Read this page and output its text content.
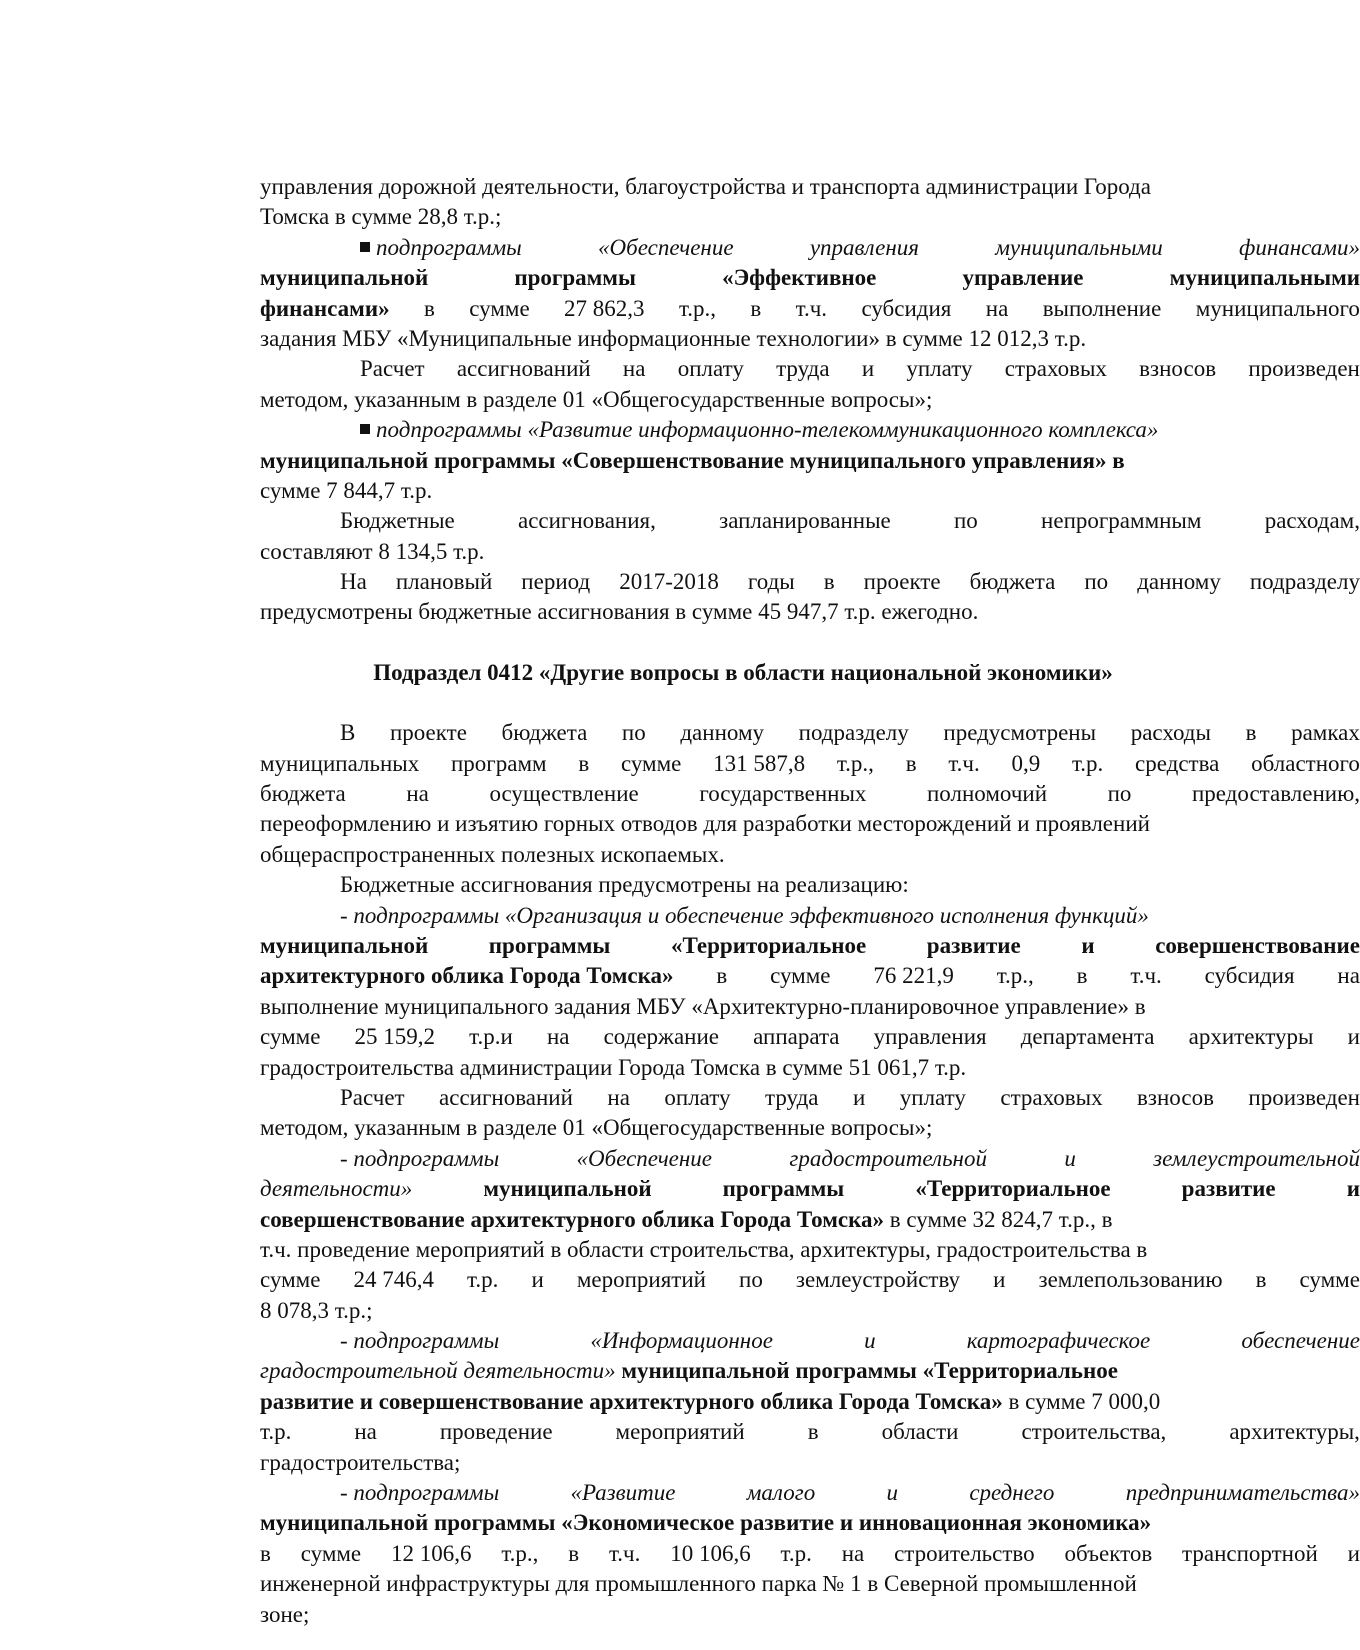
управления дорожной деятельности, благоустройства и транспорта администрации Города
Томска в сумме 28,8 т.р.;
подпрограммы	«Обеспечение	управления	муниципальными	финансами»
муниципальной	программы	«Эффективное	управление	муниципальными
финансами» в сумме 27 862,3 т.р., в т.ч. субсидия на выполнение муниципального
задания МБУ «Муниципальные информационные технологии» в сумме 12 012,3 т.р.
Расчет ассигнований на оплату труда и уплату страховых взносов произведен
методом, указанным в разделе 01 «Общегосударственные вопросы»;
подпрограммы «Развитие информационно-телекоммуникационного комплекса»
муниципальной программы «Совершенствование муниципального управления» в
сумме 7 844,7 т.р.
Бюджетные	ассигнования,	запланированные	по	непрограммным	расходам,
составляют 8 134,5 т.р.
На плановый период 2017-2018 годы в проекте бюджета по данному подразделу
предусмотрены бюджетные ассигнования в сумме 45 947,7 т.р. ежегодно.
Подраздел 0412 «Другие вопросы в области национальной экономики»
В проекте бюджета по данному подразделу предусмотрены расходы в рамках
муниципальных программ в сумме 131 587,8 т.р., в т.ч. 0,9 т.р. средства областного
бюджета	на	осуществление	государственных	полномочий	по	предоставлению,
переоформлению и изъятию горных отводов для разработки месторождений и проявлений
общераспространенных полезных ископаемых.
Бюджетные ассигнования предусмотрены на реализацию:
- подпрограммы «Организация и обеспечение эффективного исполнения функций»
муниципальной	программы	«Территориальное	развитие	и	совершенствование
архитектурного облика Города Томска» в сумме 76 221,9 т.р., в т.ч. субсидия на
выполнение муниципального задания МБУ «Архитектурно-планировочное управление» в
сумме 25 159,2 т.р.и на содержание аппарата управления департамента архитектуры и
градостроительства администрации Города Томска в сумме 51 061,7 т.р.
Расчет ассигнований на оплату труда и уплату страховых взносов произведен
методом, указанным в разделе 01 «Общегосударственные вопросы»;
- подпрограммы	«Обеспечение	градостроительной	и	землеустроительной
деятельности»	муниципальной	программы	«Территориальное	развитие	и
совершенствование архитектурного облика Города Томска» в сумме 32 824,7 т.р., в
т.ч. проведение мероприятий в области строительства, архитектуры, градостроительства в
сумме 24 746,4 т.р. и мероприятий по землеустройству и землепользованию в сумме
8 078,3 т.р.;
- подпрограммы	«Информационное	и	картографическое	обеспечение
градостроительной деятельности» муниципальной программы «Территориальное
развитие и совершенствование архитектурного облика Города Томска» в сумме 7 000,0
т.р.	на	проведение	мероприятий	в	области	строительства,	архитектуры,
градостроительства;
- подпрограммы	«Развитие	малого	и	среднего	предпринимательства»
муниципальной программы «Экономическое развитие и инновационная экономика»
в сумме 12 106,6 т.р., в т.ч. 10 106,6 т.р. на строительство объектов транспортной и
инженерной инфраструктуры для промышленного парка № 1 в Северной промышленной
зоне;
